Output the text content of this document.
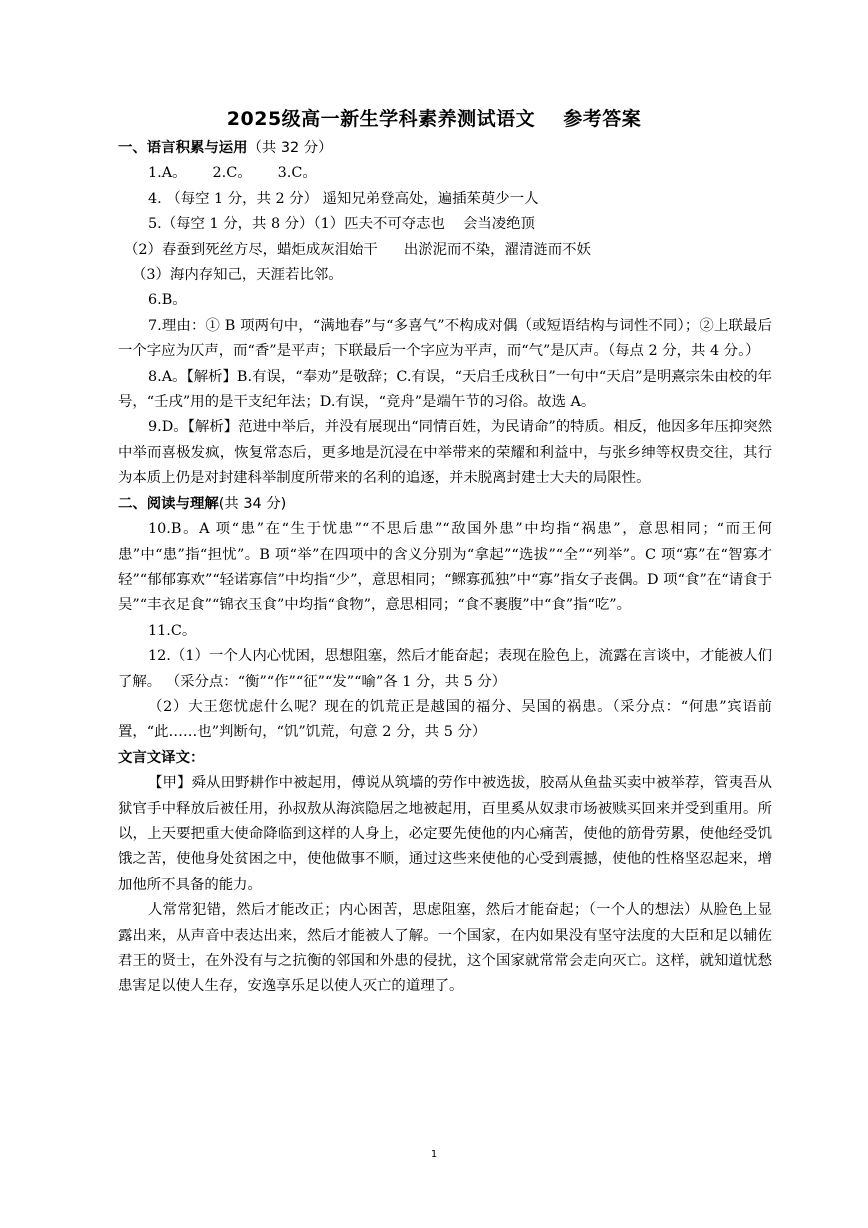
2025级高一新生学科素养测试语文 参考答案

一、语言积累与运用（共 32 分）

1.A。 2.C。 3.C。

4. （每空 1 分，共 2 分） 遥知兄弟登高处，遍插茱萸少一人

5.（每空 1 分，共 8 分）（1）匹夫不可夺志也 会当凌绝顶

（2）春蚕到死丝方尽，蜡炬成灰泪始干 出淤泥而不染，濯清涟而不妖

（3）海内存知己，天涯若比邻。

6.B。

7.理由：① B 项两句中，“满地春”与“多喜气”不构成对偶（或短语结构与词性不同）；②上联最后一个字应为仄声，而“香”是平声；下联最后一个字应为平声，而“气”是仄声。（每点 2 分，共 4 分。）

8.A。【解析】B.有误，“奉劝”是敬辞；C.有误，“天启壬戌秋日”一句中“天启”是明熹宗朱由校的年号，“壬戌”用的是干支纪年法；D.有误，“竞舟”是端午节的习俗。故选 A。

9.D。【解析】范进中举后，并没有展现出“同情百姓，为民请命”的特质。相反，他因多年压抑突然中举而喜极发疯，恢复常态后，更多地是沉浸在中举带来的荣耀和利益中，与张乡绅等权贵交往，其行为本质上仍是对封建科举制度所带来的名利的追逐，并未脱离封建士大夫的局限性。

二、阅读与理解(共 34 分)

10.B。A 项“患”在“生于忧患”“不思后患”“敌国外患”中均指“祸患”，意思相同；“而王何患”中“患”指“担忧”。B 项“举”在四项中的含义分别为“拿起”“选拔”“全”“列举”。C 项“寡”在“智寡才轻”“郁郁寡欢”“轻诺寡信”中均指“少”，意思相同；“鳏寡孤独”中“寡”指女子丧偶。D 项“食”在“请食于吴”“丰衣足食”“锦衣玉食”中均指“食物”，意思相同；“食不裹腹”中“食”指“吃”。

11.C。

12.（1）一个人内心忧困，思想阻塞，然后才能奋起；表现在脸色上，流露在言谈中，才能被人们了解。 （采分点：“衡”“作”“征”“发”“喻”各 1 分，共 5 分）

（2）大王您忧虑什么呢？现在的饥荒正是越国的福分、吴国的祸患。（采分点：“何患”宾语前置，“此……也”判断句，“饥”饥荒，句意 2 分，共 5 分）

文言文译文：

【甲】舜从田野耕作中被起用，傅说从筑墙的劳作中被选拔，胶鬲从鱼盐买卖中被举荐，管夷吾从狱官手中释放后被任用，孙叔敖从海滨隐居之地被起用，百里奚从奴隶市场被赎买回来并受到重用。所以，上天要把重大使命降临到这样的人身上，必定要先使他的内心痛苦，使他的筋骨劳累，使他经受饥饿之苦，使他身处贫困之中，使他做事不顺，通过这些来使他的心受到震撼，使他的性格坚忍起来，增加他所不具备的能力。

人常常犯错，然后才能改正；内心困苦，思虑阻塞，然后才能奋起；（一个人的想法）从脸色上显露出来，从声音中表达出来，然后才能被人了解。一个国家，在内如果没有坚守法度的大臣和足以辅佐君王的贤士，在外没有与之抗衡的邻国和外患的侵扰，这个国家就常常会走向灭亡。这样，就知道忧愁患害足以使人生存，安逸享乐足以使人灭亡的道理了。

1
